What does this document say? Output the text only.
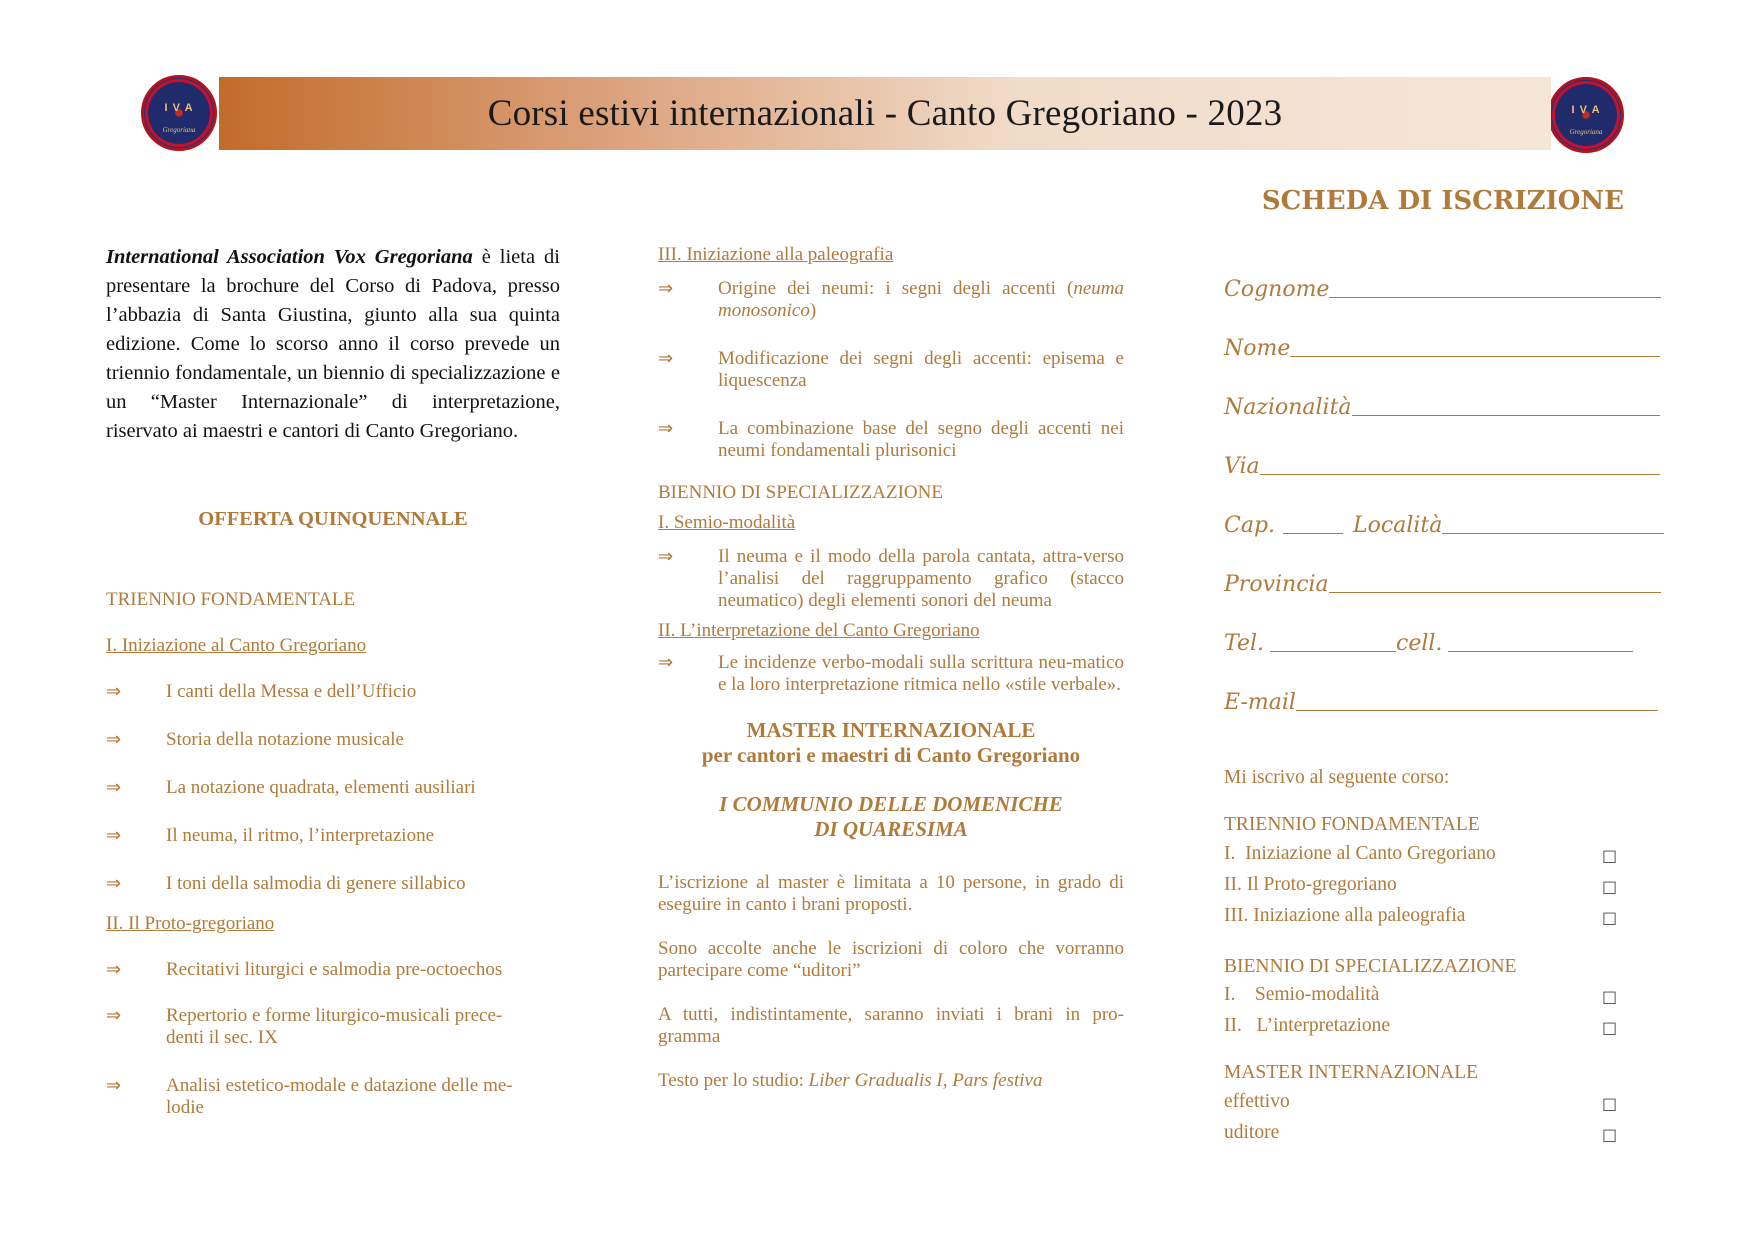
I V A
Gregoriana
I V A
Gregoriana
Corsi estivi internazionali - Canto Gregoriano - 2023

International Association Vox Gregoriana è lieta di presentare la brochure del Corso di Padova, presso l’abbazia di Santa Giustina, giunto alla sua quinta edizione. Come lo scorso anno il corso prevede un triennio fondamentale, un biennio di specializzazione e un “Master Internazionale” di interpretazione, riservato ai maestri e cantori di Canto Gregoriano.

OFFERTA QUINQUENNALE
TRIENNIO FONDAMENTALE
I. Iniziazione al Canto Gregoriano
⇒	I canti della Messa e dell’Ufficio
⇒	Storia della notazione musicale
⇒	La notazione quadrata, elementi ausiliari
⇒	Il neuma, il ritmo, l’interpretazione
⇒	I toni della salmodia di genere sillabico
II. Il Proto-gregoriano
⇒	Recitativi liturgici e salmodia pre-octoechos
⇒	Repertorio e forme liturgico-musicali prece-denti il sec. IX
⇒	Analisi estetico-modale e datazione delle me-lodie
III. Iniziazione alla paleografia
⇒	Origine dei neumi: i segni degli accenti (neuma monosonico)
⇒	Modificazione dei segni degli accenti: episema e liquescenza
⇒	La combinazione base del segno degli accenti nei neumi fondamentali plurisonici
BIENNIO DI SPECIALIZZAZIONE
I. Semio-modalità
⇒	Il neuma e il modo della parola cantata, attra-verso l’analisi del raggruppamento grafico (stacco neumatico) degli elementi sonori del neuma
II. L’interpretazione del Canto Gregoriano
⇒	Le incidenze verbo-modali sulla scrittura neu-matico e la loro interpretazione ritmica nello «stile verbale».
MASTER INTERNAZIONALE
per cantori e maestri di Canto Gregoriano
I COMMUNIO DELLE DOMENICHE
DI QUARESIMA
L’iscrizione al master è limitata a 10 persone, in grado di eseguire in canto i brani proposti.
Sono accolte anche le iscrizioni di coloro che vorranno partecipare come “uditori”
A tutti, indistintamente, saranno inviati i brani in pro-gramma
Testo per lo studio: Liber Gradualis I, Pars festiva
SCHEDA DI ISCRIZIONE
Cognome
Nome
Nazionalità
Via
Cap.	Località
Provincia
Tel.	cell.
E-mail
Mi iscrivo al seguente corso:
TRIENNIO FONDAMENTALE
I.  Iniziazione al Canto Gregoriano	□
II. Il Proto-gregoriano	□
III. Iniziazione alla paleografia	□
BIENNIO DI SPECIALIZZAZIONE
I.    Semio-modalità	□
II.   L’interpretazione	□
MASTER INTERNAZIONALE
effettivo	□
uditore	□
